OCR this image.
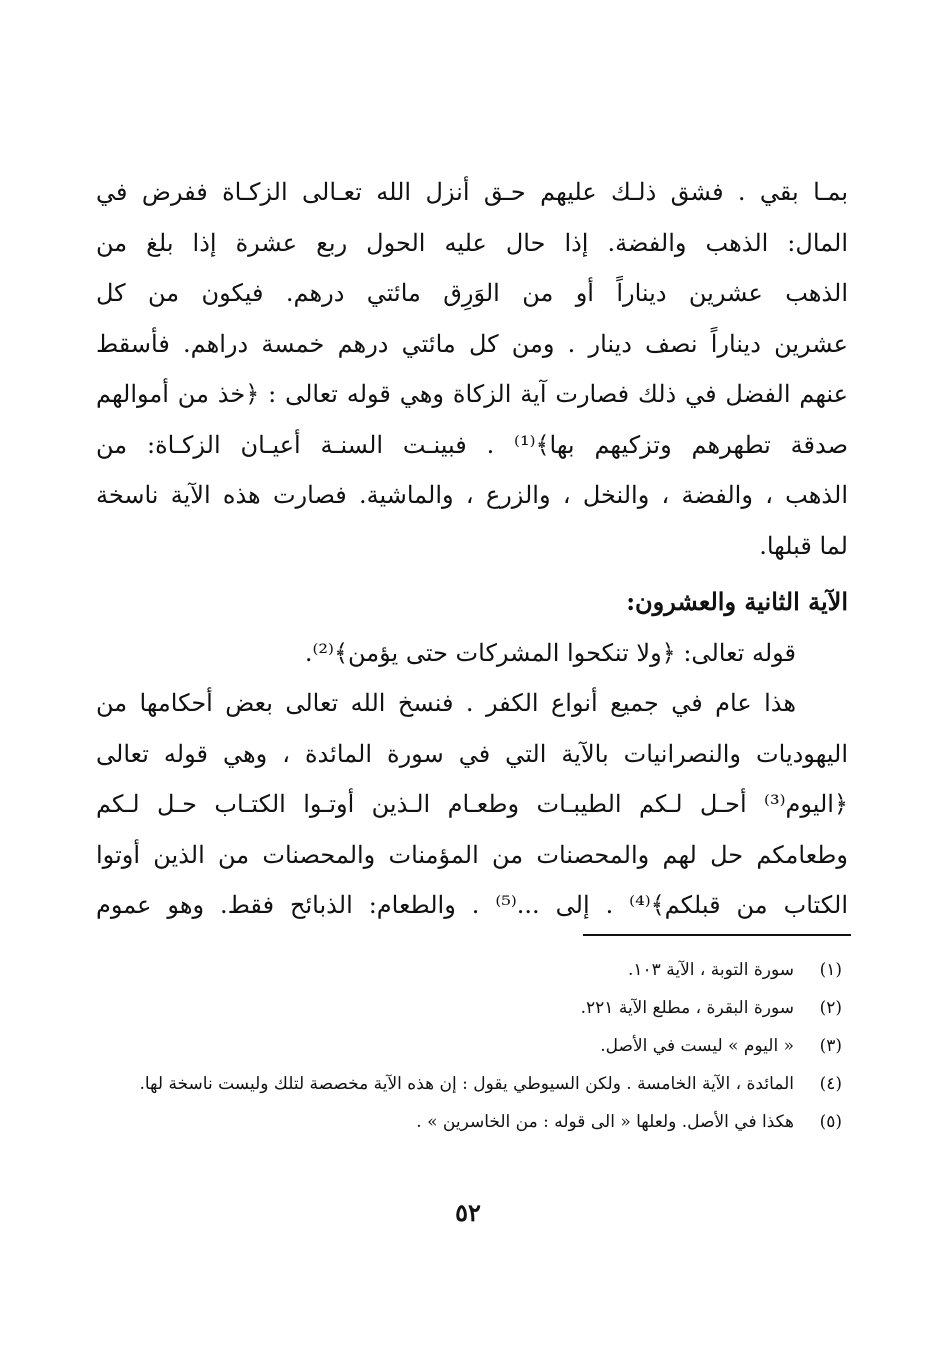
بمـا بقي . فشق ذلـك عليهم حـق أنزل الله تعـالى الزكـاة ففرض في
المال: الذهب والفضة. إذا حال عليه الحول ربع عشرة إذا بلغ من
الذهب عشرين ديناراً أو من الوَرِق مائتي درهم. فيكون من كل
عشرين ديناراً نصف دينار . ومن كل مائتي درهم خمسة دراهم. فأسقط
عنهم الفضل في ذلك فصارت آية الزكاة وهي قوله تعالى : ﴿خذ من أموالهم
صدقة تطهرهم وتزكيهم بها﴾⁽¹⁾ . فبينـت السنـة أعيـان الزكـاة: من
الذهب ، والفضة ، والنخل ، والزرع ، والماشية. فصارت هذه الآية ناسخة
لما قبلها.
الآية الثانية والعشرون:
قوله تعالى: ﴿ولا تنكحوا المشركات حتى يؤمن﴾⁽²⁾.
هذا عام في جميع أنواع الكفر . فنسخ الله تعالى بعض أحكامها من
اليهوديات والنصرانيات بالآية التي في سورة المائدة ، وهي قوله تعالى
﴿اليوم⁽³⁾ أحـل لـكم الطيبـات وطعـام الـذين أوتـوا الكتـاب حـل لـكم
وطعامكم حل لهم والمحصنات من المؤمنات والمحصنات من الذين أوتوا
الكتاب من قبلكم﴾⁽⁴⁾ . إلى ...⁽⁵⁾ . والطعام: الذبائح فقط. وهو عموم
(١)
سورة التوبة ، الآية ١٠٣.
(٢)
سورة البقرة ، مطلع الآية ٢٢١.
(٣)
« اليوم » ليست في الأصل.
(٤)
المائدة ، الآية الخامسة . ولكن السيوطي يقول : إن هذه الآية مخصصة لتلك وليست ناسخة لها.
(٥)
هكذا في الأصل. ولعلها « الى قوله : من الخاسرين » .
٥٢
